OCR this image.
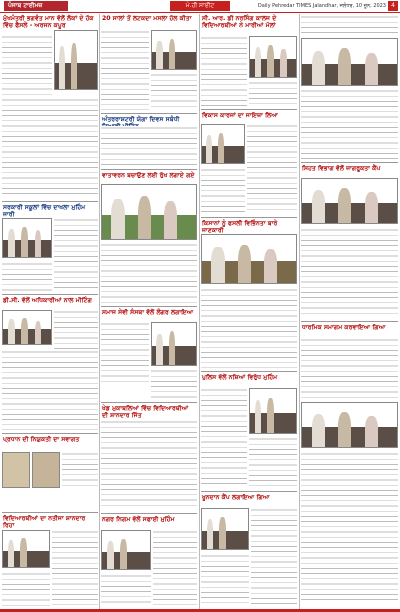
ਪੰਜਾਬ ਟਾਈਮਜ਼	ਮੇ.ਹੀ ਸਾਈਟ	Daily Pehredar TIMES Jalandhar, ਜਲੰਧਰ, 10 ਜੂਨ, 2023 4
ਮੁੱਖਮੰਤਰੀ ਭਗਵੰਤ ਮਾਨ ਵੱਲੋਂ ਲੋਕਾਂ ਦੇ ਹੱਕ ਵਿੱਚ ਫੈਸਲੇ - ਅਰਜਨ ਕਪੂਰ
ਸਰਕਾਰੀ ਸਕੂਲਾਂ ਵਿੱਚ ਦਾਖਲਾ ਮੁਹਿੰਮ ਜਾਰੀ
ਡੀ.ਸੀ. ਵੱਲੋਂ ਅਧਿਕਾਰੀਆਂ ਨਾਲ ਮੀਟਿੰਗ
ਪ੍ਰਧਾਨ ਦੀ ਨਿਯੁਕਤੀ ਦਾ ਸਵਾਗਤ
ਵਿਦਿਆਰਥੀਆਂ ਦਾ ਨਤੀਜਾ ਸ਼ਾਨਦਾਰ ਰਿਹਾ
20 ਸਾਲਾਂ ਤੋਂ ਲਟਕਦਾ ਮਸਲਾ ਹੱਲ ਕੀਤਾ
ਅੰਤਰਰਾਸ਼ਟਰੀ ਯੋਗਾ ਦਿਵਸ ਸਬੰਧੀ
ਵਾਤਾਵਰਨ ਬਚਾਉਣ ਲਈ ਰੁੱਖ ਲਗਾਏ ਗਏ
ਸਮਾਜ ਸੇਵੀ ਸੰਸਥਾ ਵੱਲੋਂ ਲੰਗਰ ਲਗਾਇਆ
ਖੇਡ ਮੁਕਾਬਲਿਆਂ ਵਿੱਚ ਵਿਦਿਆਰਥੀਆਂ ਦੀ ਸ਼ਾਨਦਾਰ ਜਿੱਤ
ਨਗਰ ਨਿਗਮ ਵੱਲੋਂ ਸਫਾਈ ਮੁਹਿੰਮ
ਸੀ. ਆਰ. ਡੀ ਨਰਸਿੰਗ ਕਾਲਜ ਦੇ ਵਿਦਿਆਰਥੀਆਂ ਨੇ ਮਾਰੀਆਂ ਮੱਲਾਂ
ਵਿਕਾਸ ਕਾਰਜਾਂ ਦਾ ਜਾਇਜ਼ਾ ਲਿਆ
ਕਿਸਾਨਾਂ ਨੂੰ ਫਸਲੀ ਵਿਭਿੰਨਤਾ ਬਾਰੇ ਜਾਣਕਾਰੀ
ਪੁਲਿਸ ਵੱਲੋਂ ਨਸ਼ਿਆਂ ਵਿਰੁੱਧ ਮੁਹਿੰਮ
ਖੂਨਦਾਨ ਕੈਂਪ ਲਗਾਇਆ ਗਿਆ
ਸਿਹਤ ਵਿਭਾਗ ਵੱਲੋਂ ਜਾਗਰੂਕਤਾ ਕੈਂਪ
ਧਾਰਮਿਕ ਸਮਾਗਮ ਕਰਵਾਇਆ ਗਿਆ
